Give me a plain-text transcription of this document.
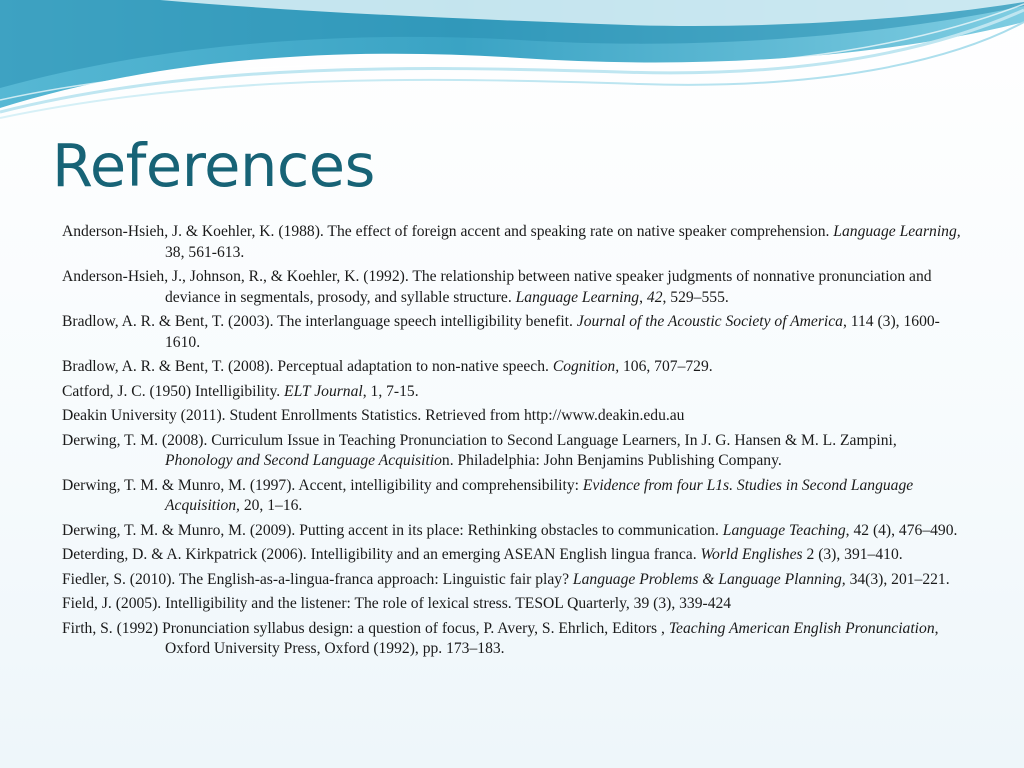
References
Anderson-Hsieh, J. & Koehler, K. (1988). The effect of foreign accent and speaking rate on native speaker comprehension. Language Learning, 38, 561-613.
Anderson-Hsieh, J., Johnson, R., & Koehler, K. (1992). The relationship between native speaker judgments of nonnative pronunciation and deviance in segmentals, prosody, and syllable structure. Language Learning, 42, 529–555.
Bradlow, A. R. & Bent, T. (2003). The interlanguage speech intelligibility benefit. Journal of the Acoustic Society of America, 114 (3), 1600-1610.
Bradlow, A. R. & Bent, T. (2008). Perceptual adaptation to non-native speech. Cognition, 106, 707–729.
Catford, J. C. (1950) Intelligibility. ELT Journal, 1, 7-15.
Deakin University (2011). Student Enrollments Statistics. Retrieved from http://www.deakin.edu.au
Derwing, T. M. (2008). Curriculum Issue in Teaching Pronunciation to Second Language Learners, In J. G. Hansen & M. L. Zampini, Phonology and Second Language Acquisition. Philadelphia: John Benjamins Publishing Company.
Derwing, T. M. & Munro, M. (1997). Accent, intelligibility and comprehensibility: Evidence from four L1s. Studies in Second Language Acquisition, 20, 1–16.
Derwing, T. M. & Munro, M. (2009). Putting accent in its place: Rethinking obstacles to communication. Language Teaching, 42 (4), 476–490.
Deterding, D. & A. Kirkpatrick (2006). Intelligibility and an emerging ASEAN English lingua franca. World Englishes 2 (3), 391–410.
Fiedler, S. (2010). The English-as-a-lingua-franca approach: Linguistic fair play? Language Problems & Language Planning, 34(3), 201–221.
Field, J. (2005). Intelligibility and the listener: The role of lexical stress. TESOL Quarterly, 39 (3), 339-424
Firth, S. (1992) Pronunciation syllabus design: a question of focus, P. Avery, S. Ehrlich, Editors , Teaching American English Pronunciation, Oxford University Press, Oxford (1992), pp. 173–183.
